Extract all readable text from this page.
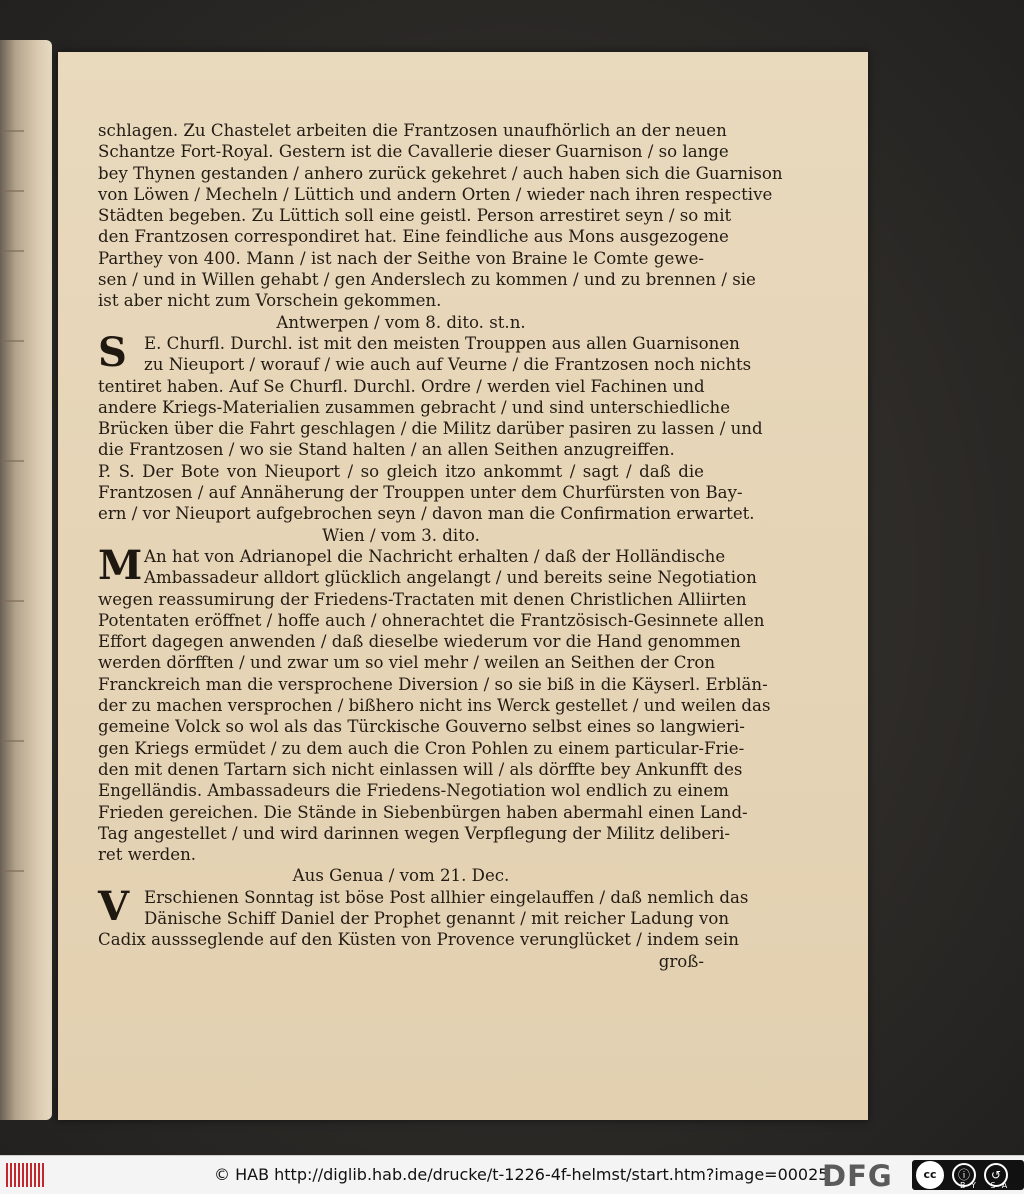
schlagen. Zu Chastelet arbeiten die Frantzosen unaufhörlich an der neuen
Schantze Fort-Royal. Gestern ist die Cavallerie dieser Guarnison / so lange
bey Thynen gestanden / anhero zurück gekehret / auch haben sich die Guarnison
von Löwen / Mecheln / Lüttich und andern Orten / wieder nach ihren respective
Städten begeben. Zu Lüttich soll eine geistl. Person arrestiret seyn / so mit
den Frantzosen correspondiret hat. Eine feindliche aus Mons ausgezogene
Parthey von 400. Mann / ist nach der Seithe von Braine le Comte gewe-
sen / und in Willen gehabt / gen Anderslech zu kommen / und zu brennen / sie
ist aber nicht zum Vorschein gekommen.
Antwerpen / vom 8. dito. st.n.
S	E. Churfl. Durchl. ist mit den meisten Trouppen aus allen Guarnisonen
zu Nieuport / worauf / wie auch auf Veurne / die Frantzosen noch nichts
tentiret haben. Auf Se Churfl. Durchl. Ordre / werden viel Fachinen und
andere Kriegs-Materialien zusammen gebracht / und sind unterschiedliche
Brücken über die Fahrt geschlagen / die Militz darüber pasiren zu lassen / und
die Frantzosen / wo sie Stand halten / an allen Seithen anzugreiffen.
P. S. Der Bote von Nieuport / so gleich itzo ankommt / sagt / daß die
Frantzosen / auf Annäherung der Trouppen unter dem Churfürsten von Bay-
ern / vor Nieuport aufgebrochen seyn / davon man die Confirmation erwartet.
Wien / vom 3. dito.
M An hat von Adrianopel die Nachricht erhalten / daß der Holländische
Ambassadeur alldort glücklich angelangt / und bereits seine Negotiation
wegen reassumirung der Friedens-Tractaten mit denen Christlichen Alliirten
Potentaten eröffnet / hoffe auch / ohnerachtet die Frantzösisch-Gesinnete allen
Effort dagegen anwenden / daß dieselbe wiederum vor die Hand genommen
werden dörfften / und zwar um so viel mehr / weilen an Seithen der Cron
Franckreich man die versprochene Diversion / so sie biß in die Käyserl. Erblän-
der zu machen versprochen / bißhero nicht ins Werck gestellet / und weilen das
gemeine Volck so wol als das Türckische Gouverno selbst eines so langwieri-
gen Kriegs ermüdet / zu dem auch die Cron Pohlen zu einem particular-Frie-
den mit denen Tartarn sich nicht einlassen will / als dörffte bey Ankunfft des
Engelländis. Ambassadeurs die Friedens-Negotiation wol endlich zu einem
Frieden gereichen. Die Stände in Siebenbürgen haben abermahl einen Land-
Tag angestellet / und wird darinnen wegen Verpflegung der Militz deliberi-
ret werden.
Aus Genua / vom 21. Dec.
V Erschienen Sonntag ist böse Post allhier eingelauffen / daß nemlich das
Dänische Schiff Daniel der Prophet genannt / mit reicher Ladung von
Cadix aussseglende auf den Küsten von Provence verunglücket / indem sein
groß-
© HAB http://diglib.hab.de/drucke/t-1226-4f-helmst/start.htm?image=00025
DFG	cc	ⓘ	↺
BY SA
